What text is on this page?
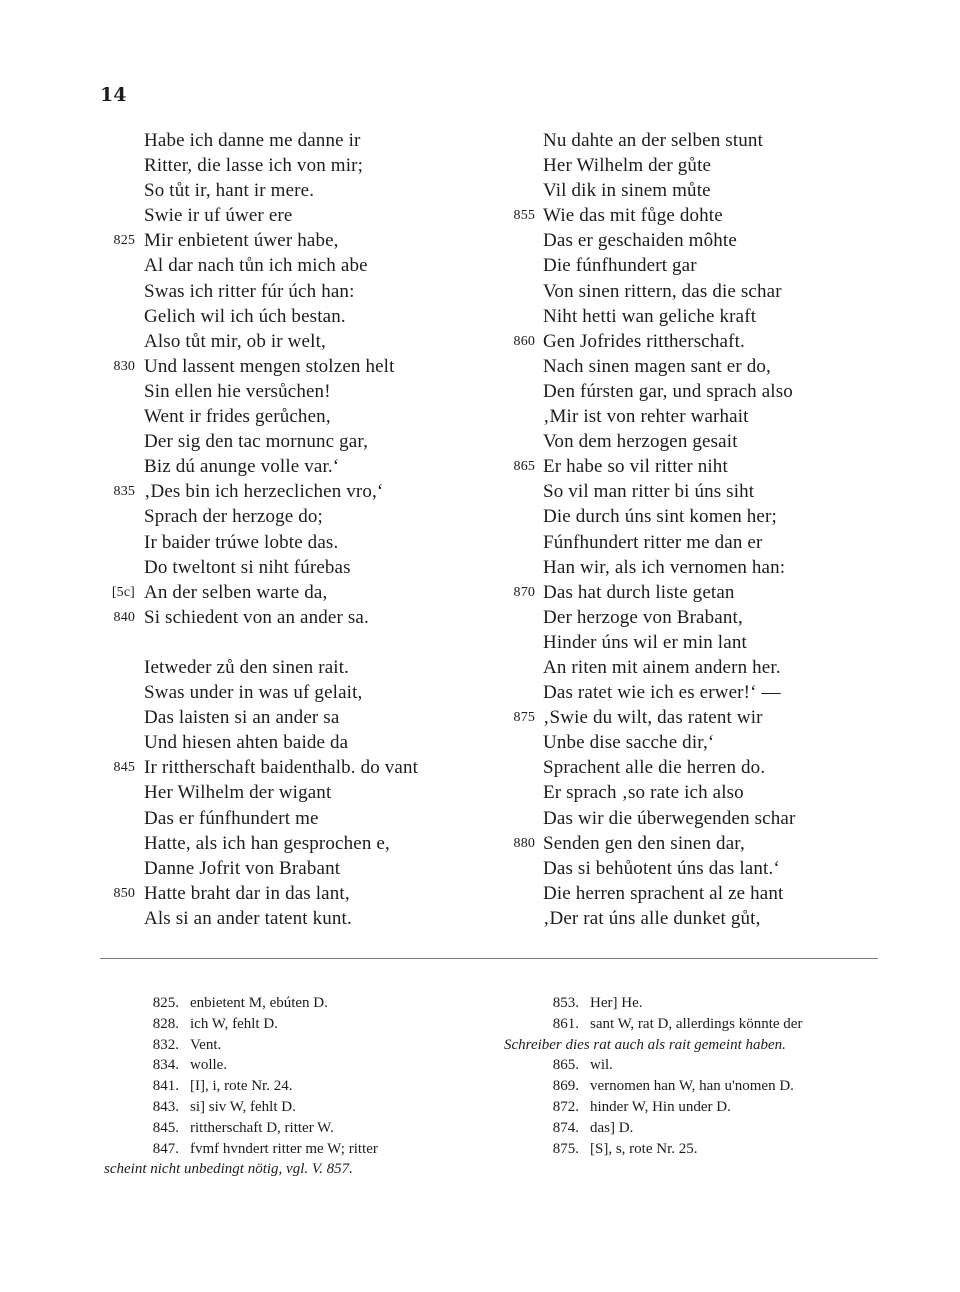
14
Habe ich danne me danne ir
Ritter, die lasse ich von mir;
So tůt ir, hant ir mere.
Swie ir uf úwer ere
825 Mir enbietent úwer habe,
Al dar nach tůn ich mich abe
Swas ich ritter fúr úch han:
Gelich wil ich úch bestan.
Also tůt mir, ob ir welt,
830 Und lassent mengen stolzen helt
Sin ellen hie versůchen!
Went ir frides gerůchen,
Der sig den tac mornunc gar,
Biz dú anunge volle var.‘
835 ‚Des bin ich herzeclichen vro,‘
Sprach der herzoge do;
Ir baider trúwe lobte das.
Do tweltont si niht fúrebas
[5c] An der selben warte da,
840 Si schiedent von an ander sa.
Ietweder zů den sinen rait.
Swas under in was uf gelait,
Das laisten si an ander sa
Und hiesen ahten baide da
845 Ir rittherschaft baidenthalb. do vant
Her Wilhelm der wigant
Das er fúnfhundert me
Hatte, als ich han gesprochen e,
Danne Jofrit von Brabant
850 Hatte braht dar in das lant,
Als si an ander tatent kunt.
Nu dahte an der selben stunt
Her Wilhelm der gůte
Vil dik in sinem můte
855 Wie das mit fůge dohte
Das er geschaiden môhte
Die fúnfhundert gar
Von sinen rittern, das die schar
Niht hetti wan geliche kraft
860 Gen Jofrides rittherschaft.
Nach sinen magen sant er do,
Den fúrsten gar, und sprach also
‚Mir ist von rehter warhait
Von dem herzogen gesait
865 Er habe so vil ritter niht
So vil man ritter bi úns siht
Die durch úns sint komen her;
Fúnfhundert ritter me dan er
Han wir, als ich vernomen han:
870 Das hat durch liste getan
Der herzoge von Brabant,
Hinder úns wil er min lant
An riten mit ainem andern her.
Das ratet wie ich es erwer!‘ —
875 ‚Swie du wilt, das ratent wir
Unbe dise sacche dir,‘
Sprachent alle die herren do.
Er sprach ‚so rate ich also
Das wir die úberwegenden schar
880 Senden gen den sinen dar,
Das si behůotent úns das lant.‘
Die herren sprachent al ze hant
‚Der rat úns alle dunket gůt,
825. enbietent M, ebúten D.
828. ich W, fehlt D.
832. Vent.
834. wolle.
841. [I], i, rote Nr. 24.
843. si] siv W, fehlt D.
845. rittherschaft D, ritter W.
847. fvmf hvndert ritter me W; ritter
scheint nicht unbedingt nötig, vgl. V. 857.
853. Her] He.
861. sant W, rat D, allerdings könnte der
Schreiber dies rat auch als rait gemeint haben.
865. wil.
869. vernomen han W, han u'nomen D.
872. hinder W, Hin under D.
874. das] D.
875. [S], s, rote Nr. 25.
